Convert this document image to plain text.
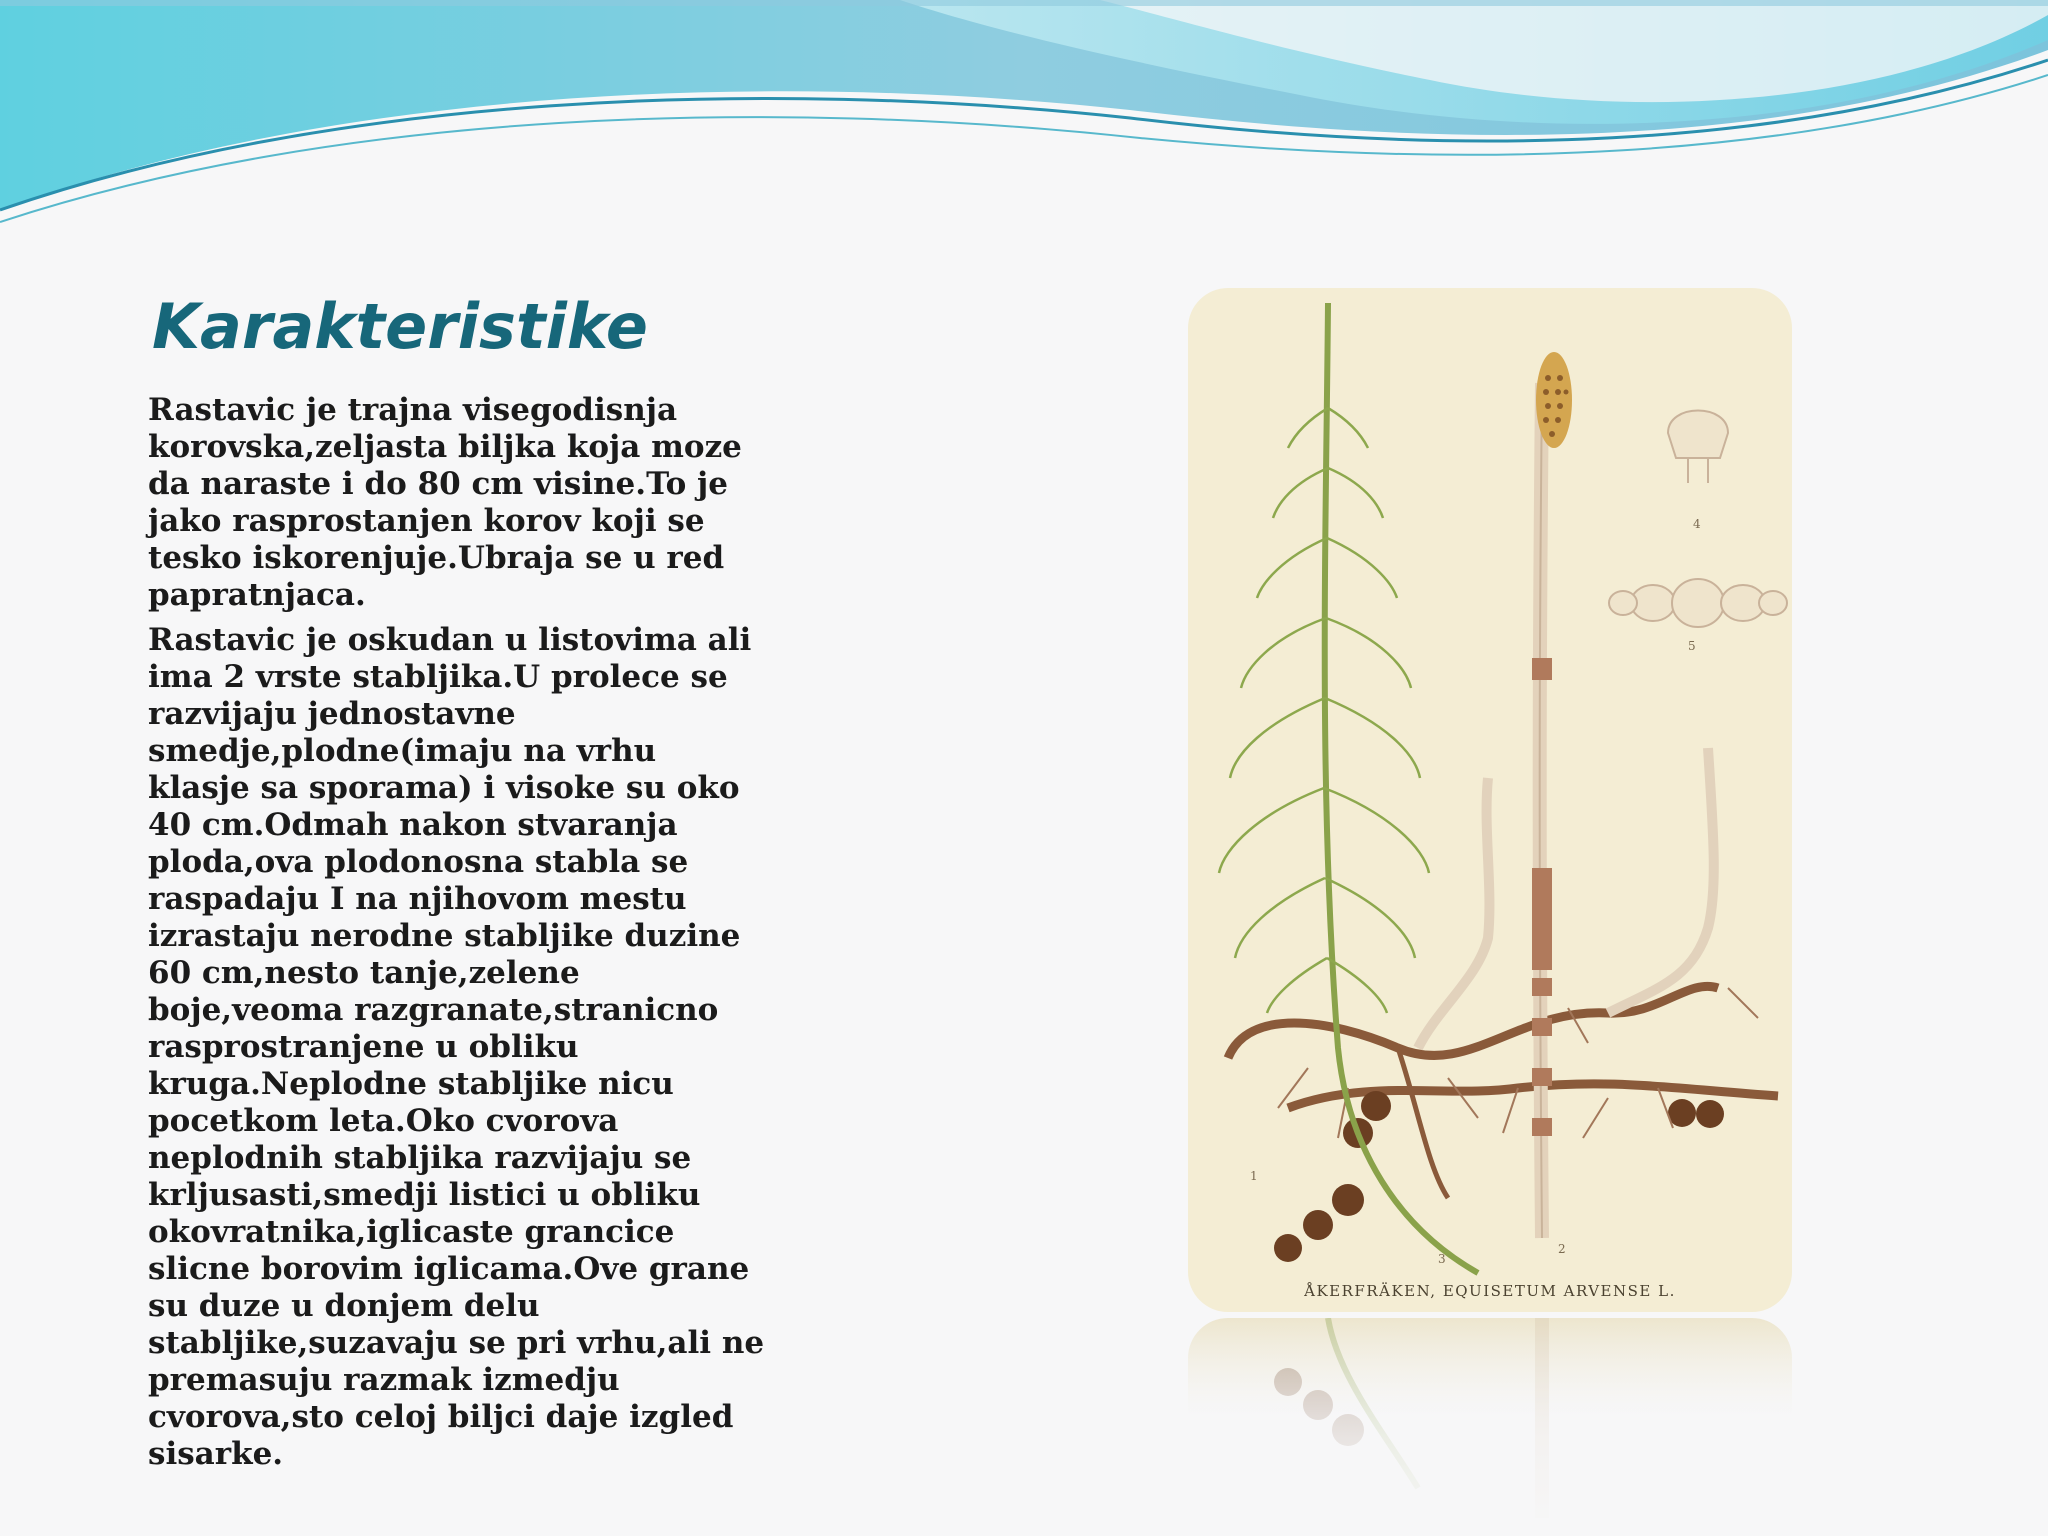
Karakteristike

Rastavic je trajna visegodisnja korovska,zeljasta biljka koja moze da naraste i do 80 cm visine.To je jako rasprostanjen korov koji se tesko iskorenjuje.Ubraja se u red papratnjaca.

Rastavic je oskudan u listovima ali ima 2 vrste stabljika.U prolece se razvijaju jednostavne smedje,plodne(imaju na vrhu klasje sa sporama) i visoke su oko 40 cm.Odmah nakon stvaranja ploda,ova plodonosna stabla se raspadaju I na njihovom mestu izrastaju nerodne stabljike duzine 60 cm,nesto tanje,zelene boje,veoma razgranate,stranicno rasprostranjene u obliku kruga.Neplodne stabljike nicu pocetkom leta.Oko cvorova neplodnih stabljika razvijaju se krljusasti,smedji listici u obliku okovratnika,iglicaste grancice slicne borovim iglicama.Ove grane su duze u donjem delu stabljike,suzavaju se pri vrhu,ali ne premasuju razmak izmedju cvorova,sto celoj biljci daje izgled sisarke.

1
2
3
4
5
ÅKERFRÄKEN, EQUISETUM ARVENSE L.
